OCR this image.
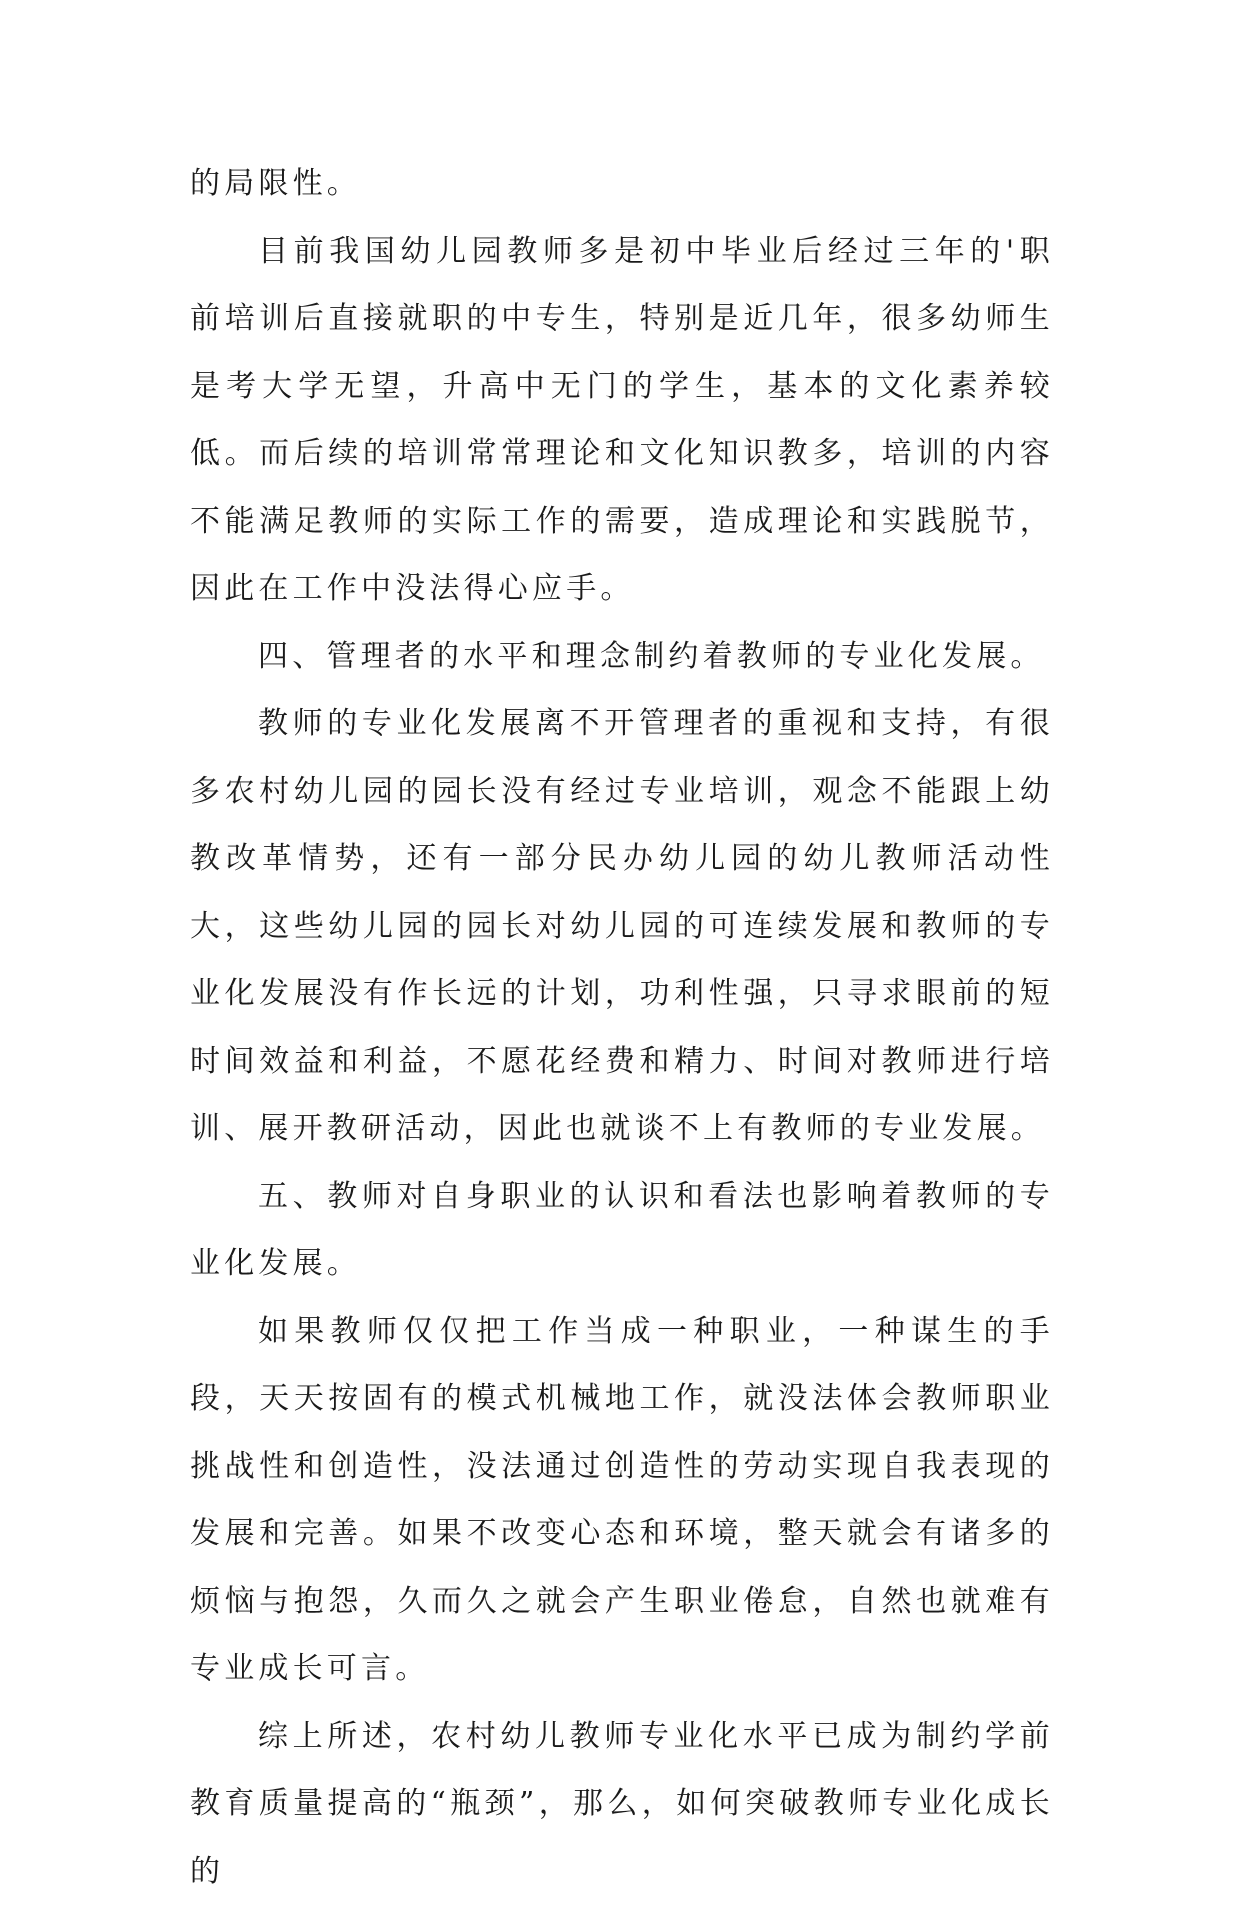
的局限性。

目前我国幼儿园教师多是初中毕业后经过三年的'职前培训后直接就职的中专生，特别是近几年，很多幼师生是考大学无望，升高中无门的学生，基本的文化素养较低。而后续的培训常常理论和文化知识教多，培训的内容不能满足教师的实际工作的需要，造成理论和实践脱节，因此在工作中没法得心应手。

四、管理者的水平和理念制约着教师的专业化发展。

教师的专业化发展离不开管理者的重视和支持，有很多农村幼儿园的园长没有经过专业培训，观念不能跟上幼教改革情势，还有一部分民办幼儿园的幼儿教师活动性大，这些幼儿园的园长对幼儿园的可连续发展和教师的专业化发展没有作长远的计划，功利性强，只寻求眼前的短时间效益和利益，不愿花经费和精力、时间对教师进行培训、展开教研活动，因此也就谈不上有教师的专业发展。

五、教师对自身职业的认识和看法也影响着教师的专业化发展。

如果教师仅仅把工作当成一种职业，一种谋生的手段，天天按固有的模式机械地工作，就没法体会教师职业挑战性和创造性，没法通过创造性的劳动实现自我表现的发展和完善。如果不改变心态和环境，整天就会有诸多的烦恼与抱怨，久而久之就会产生职业倦怠，自然也就难有专业成长可言。

综上所述，农村幼儿教师专业化水平已成为制约学前教育质量提高的“瓶颈”，那么，如何突破教师专业化成长的
